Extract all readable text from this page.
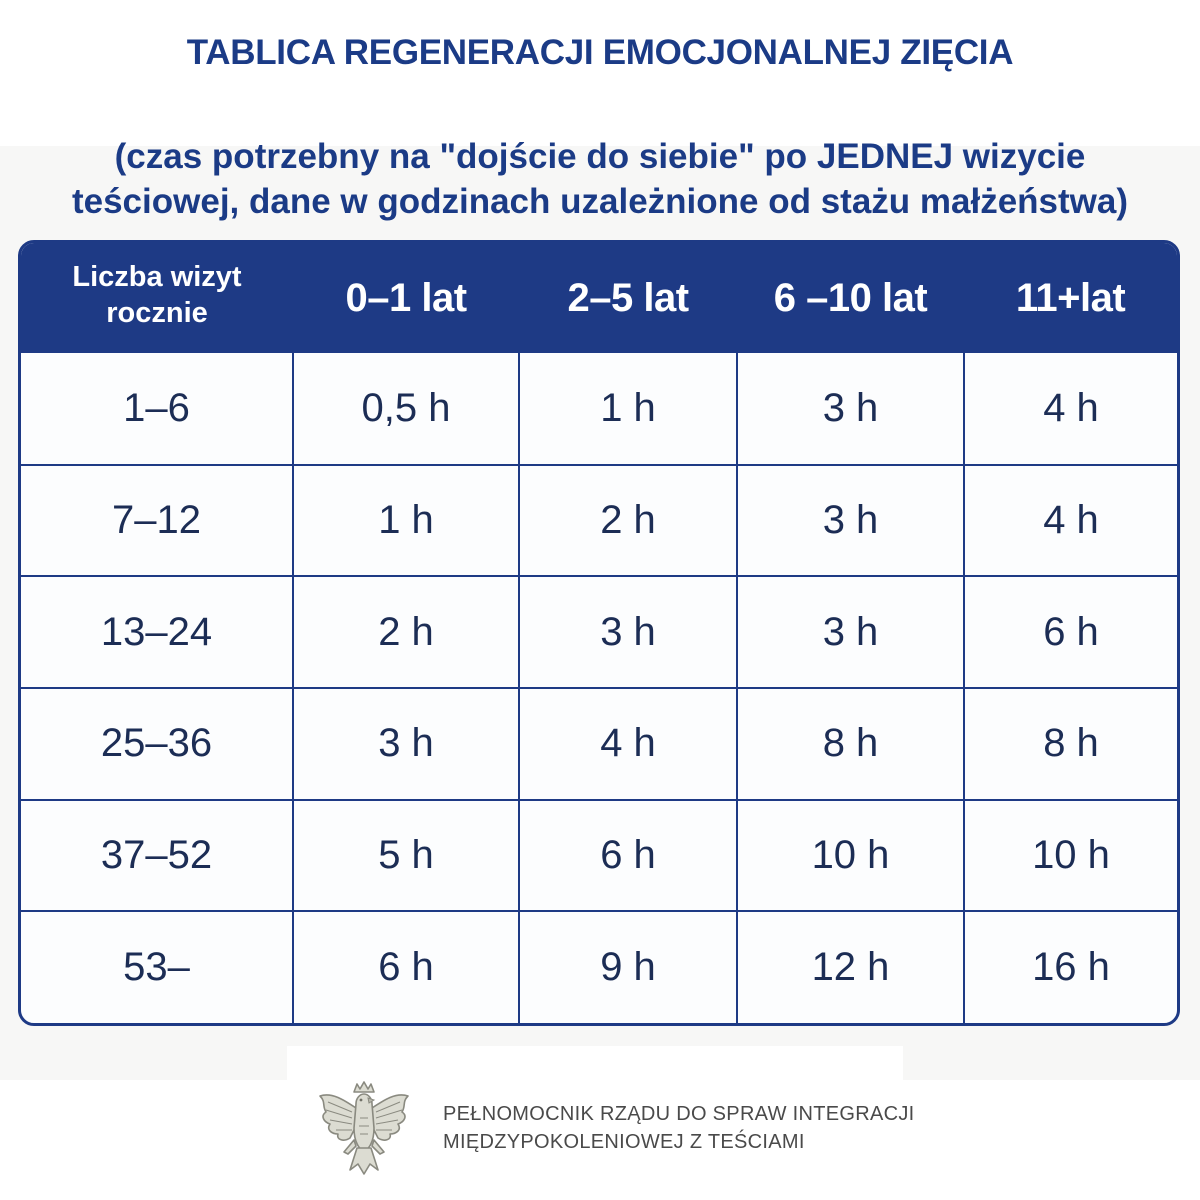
TABLICA REGENERACJI EMOCJONALNEJ ZIĘCIA
(czas potrzebny na "dojście do siebie" po JEDNEJ wizycie
teściowej, dane w godzinach uzależnione od stażu małżeństwa)
Liczba wizyt
rocznie	0–1 lat	2–5 lat	6 –10 lat	11+lat
1–6	0,5 h	1 h	3 h	4 h
7–12	1 h	2 h	3 h	4 h
13–24	2 h	3 h	3 h	6 h
25–36	3 h	4 h	8 h	8 h
37–52	5 h	6 h	10 h	10 h
53–	6 h	9 h	12 h	16 h
PEŁNOMOCNIK RZĄDU DO SPRAW INTEGRACJI
MIĘDZYPOKOLENIOWEJ Z TEŚCIAMI
